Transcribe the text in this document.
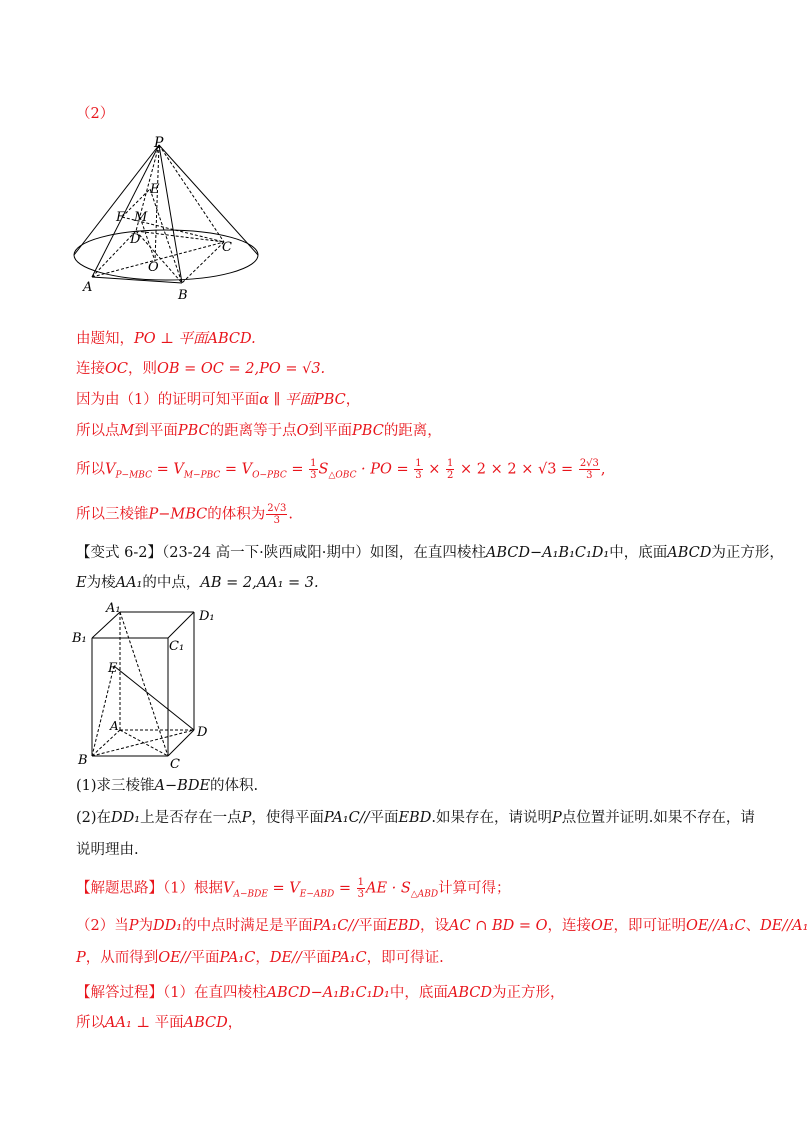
（2）
P
E
F M
D
C
O
A
B
由题知，PO ⊥ 平面ABCD.
连接OC，则OB = OC = 2,PO = √3.
因为由（1）的证明可知平面α ∥ 平面PBC，
所以点M到平面PBC的距离等于点O到平面PBC的距离，
所以$V_{P-MBC} = V_{M-PBC} = V_{O-PBC} = \frac{1}{3} S_{\triangle OBC}$ · PO = $\frac{1}{3} \times \frac{1}{2} \times 2 \times 2 \times √3 = \frac{2√3}{3}$ ,
所以三棱锥P−MBC的体积为 $\frac{2√3}{3}$ .
【变式 6-2】（23-24 高一下·陕西咸阳·期中）如图，在直四棱柱ABCD−A₁B₁C₁D₁中，底面ABCD为正方形，
E为棱AA₁的中点，AB = 2,AA₁ = 3.
A₁
D₁
B₁
C₁
E
A	D
B	C
(1)求三棱锥A−BDE的体积.
(2)在DD₁上是否存在一点P，使得平面PA₁C//平面EBD.如果存在，请说明P点位置并证明.如果不存在，请
说明理由.
【解题思路】（1）根据$V_{A-BDE} = V_{E-ABD} = \frac{1}{3}$ AE · $S_{\triangle ABD}$计算可得；
（2）当P为DD₁的中点时满足是平面PA₁C//平面EBD，设AC ∩ BD = O，连接OE，即可证明OE//A₁C、DE//A₁
P，从而得到OE//平面PA₁C，DE//平面PA₁C，即可得证.
【解答过程】（1）在直四棱柱ABCD−A₁B₁C₁D₁中，底面ABCD为正方形，
所以AA₁ ⊥ 平面ABCD，
